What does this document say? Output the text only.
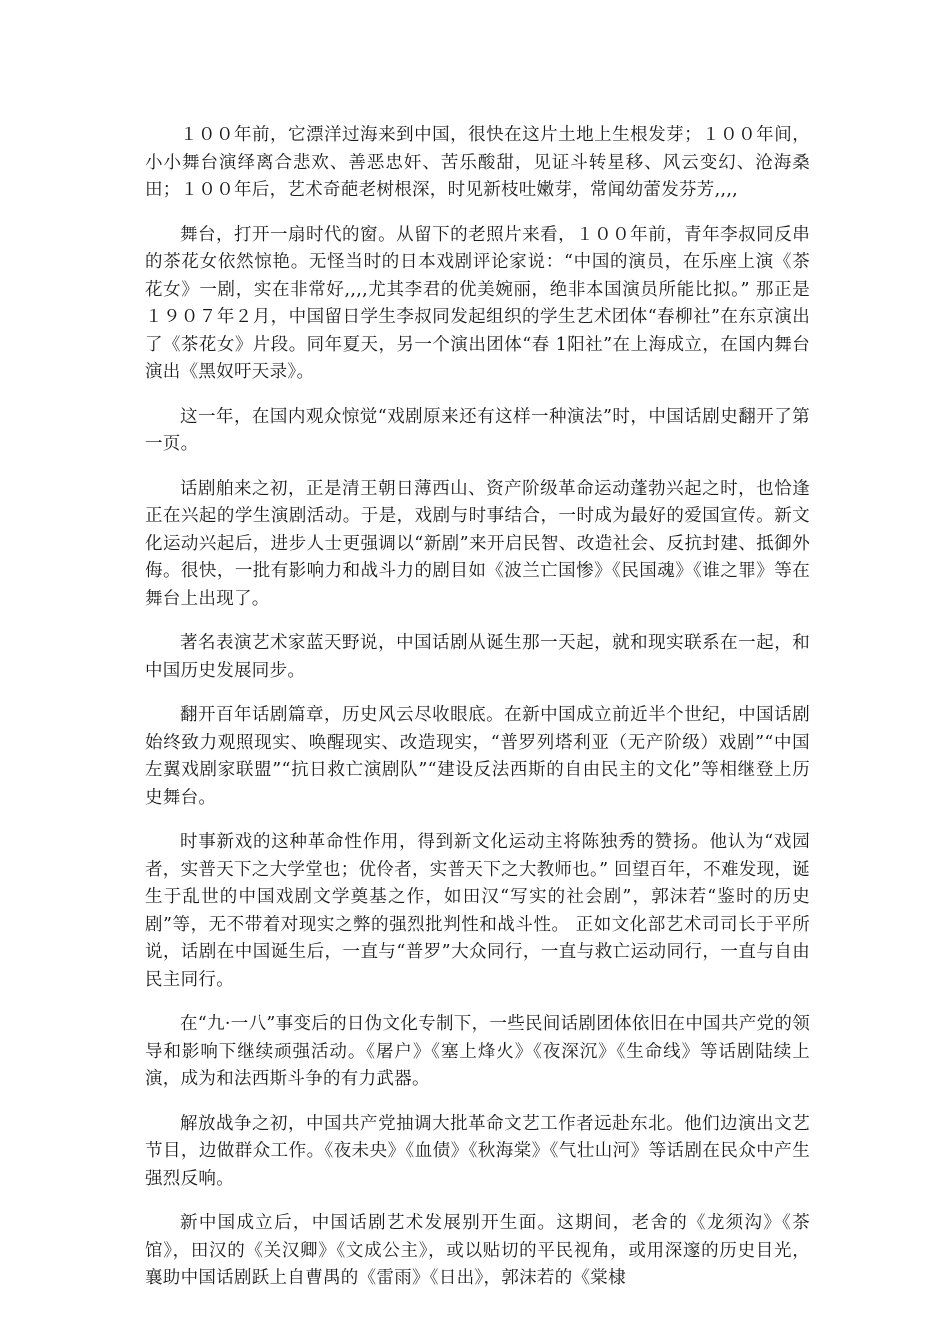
１００年前，它漂洋过海来到中国，很快在这片土地上生根发芽；１００年间，小小舞台演绎离合悲欢、善恶忠奸、苦乐酸甜，见证斗转星移、风云变幻、沧海桑田；１００年后，艺术奇葩老树根深，时见新枝吐嫩芽，常闻幼蕾发芬芳,,,,

舞台，打开一扇时代的窗。从留下的老照片来看，１００年前，青年李叔同反串的茶花女依然惊艳。无怪当时的日本戏剧评论家说：“中国的演员，在乐座上演《茶花女》一剧，实在非常好,,,,尤其李君的优美婉丽，绝非本国演员所能比拟。” 那正是１９０７年２月，中国留日学生李叔同发起组织的学生艺术团体“春柳社”在东京演出了《茶花女》片段。同年夏天，另一个演出团体“春 1阳社”在上海成立，在国内舞台演出《黑奴吁天录》。

这一年，在国内观众惊觉“戏剧原来还有这样一种演法”时，中国话剧史翻开了第一页。

话剧舶来之初，正是清王朝日薄西山、资产阶级革命运动蓬勃兴起之时，也恰逢正在兴起的学生演剧活动。于是，戏剧与时事结合，一时成为最好的爱国宣传。新文化运动兴起后，进步人士更强调以“新剧”来开启民智、改造社会、反抗封建、抵御外侮。很快，一批有影响力和战斗力的剧目如《波兰亡国惨》《民国魂》《谁之罪》等在舞台上出现了。

著名表演艺术家蓝天野说，中国话剧从诞生那一天起，就和现实联系在一起，和中国历史发展同步。

翻开百年话剧篇章，历史风云尽收眼底。在新中国成立前近半个世纪，中国话剧始终致力观照现实、唤醒现实、改造现实，“普罗列塔利亚（无产阶级）戏剧”“中国左翼戏剧家联盟”“抗日救亡演剧队”“建设反法西斯的自由民主的文化”等相继登上历史舞台。

时事新戏的这种革命性作用，得到新文化运动主将陈独秀的赞扬。他认为“戏园者，实普天下之大学堂也；优伶者，实普天下之大教师也。” 回望百年，不难发现，诞生于乱世的中国戏剧文学奠基之作，如田汉“写实的社会剧”，郭沫若“鉴时的历史剧”等，无不带着对现实之弊的强烈批判性和战斗性。 正如文化部艺术司司长于平所说，话剧在中国诞生后，一直与“普罗”大众同行，一直与救亡运动同行，一直与自由民主同行。

在“九·一八”事变后的日伪文化专制下，一些民间话剧团体依旧在中国共产党的领导和影响下继续顽强活动。《屠户》《塞上烽火》《夜深沉》《生命线》等话剧陆续上演，成为和法西斯斗争的有力武器。

解放战争之初，中国共产党抽调大批革命文艺工作者远赴东北。他们边演出文艺节目，边做群众工作。《夜未央》《血债》《秋海棠》《气壮山河》等话剧在民众中产生强烈反响。

新中国成立后，中国话剧艺术发展别开生面。这期间，老舍的《龙须沟》《茶馆》，田汉的《关汉卿》《文成公主》，或以贴切的平民视角，或用深邃的历史目光，襄助中国话剧跃上自曹禺的《雷雨》《日出》，郭沫若的《棠棣
